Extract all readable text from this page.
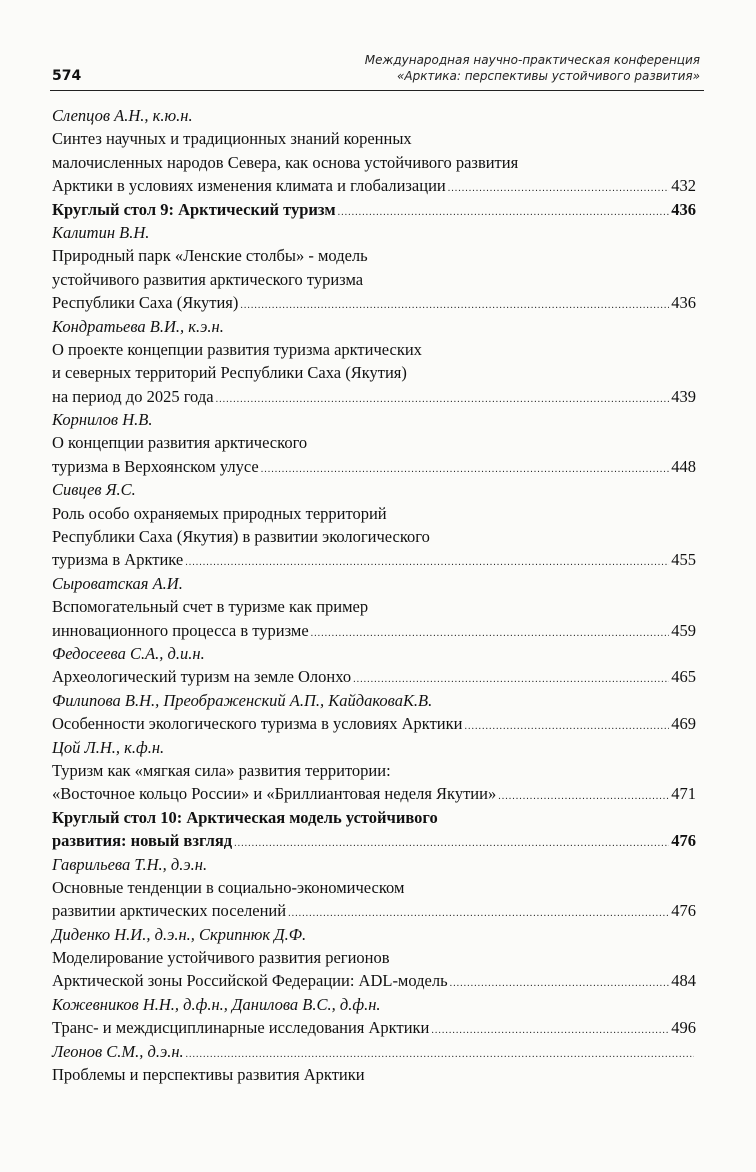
Международная научно-практическая конференция
«Арктика: перспективы устойчивого развития»
574
Слепцов А.Н., к.ю.н.
Синтез научных и традиционных знаний коренных
малочисленных народов Севера, как основа устойчивого развития
Арктики в условиях изменения климата и глобализации .....	432
Круглый стол 9: Арктический туризм .....	436
Калитин В.Н.
Природный парк «Ленские столбы» - модель
устойчивого развития арктического туризма
Республики Саха (Якутия) .....	436
Кондратьева В.И., к.э.н.
О проекте концепции развития туризма арктических
и северных территорий Республики Саха (Якутия)
на период до 2025 года .....	439
Корнилов Н.В.
О концепции развития арктического
туризма в Верхоянском улусе .....	448
Сивцев Я.С.
Роль особо охраняемых природных территорий
Республики Саха (Якутия) в развитии экологического
туризма в Арктике .....	455
Сыроватская А.И.
Вспомогательный счет в туризме как пример
инновационного процесса в туризме .....	459
Федосеева С.А., д.и.н.
Археологический туризм на земле Олонхо .....	465
Филипова В.Н., Преображенский А.П., КайдаковаК.В.
Особенности экологического туризма в условиях Арктики .....	469
Цой Л.Н., к.ф.н.
Туризм как «мягкая сила» развития территории:
«Восточное кольцо России» и «Бриллиантовая неделя Якутии» .....	471
Круглый стол 10: Арктическая модель устойчивого
развития: новый взгляд .....	476
Гаврильева Т.Н., д.э.н.
Основные тенденции в социально-экономическом
развитии арктических поселений .....	476
Диденко Н.И., д.э.н., Скрипнюк Д.Ф.
Моделирование устойчивого развития регионов
Арктической зоны Российской Федерации: ADL-модель .....	484
Кожевников Н.Н., д.ф.н., Данилова В.С., д.ф.н.
Транс- и междисциплинарные исследования Арктики .....	496
Леонов С.М., д.э.н.
.....
Проблемы и перспективы развития Арктики
